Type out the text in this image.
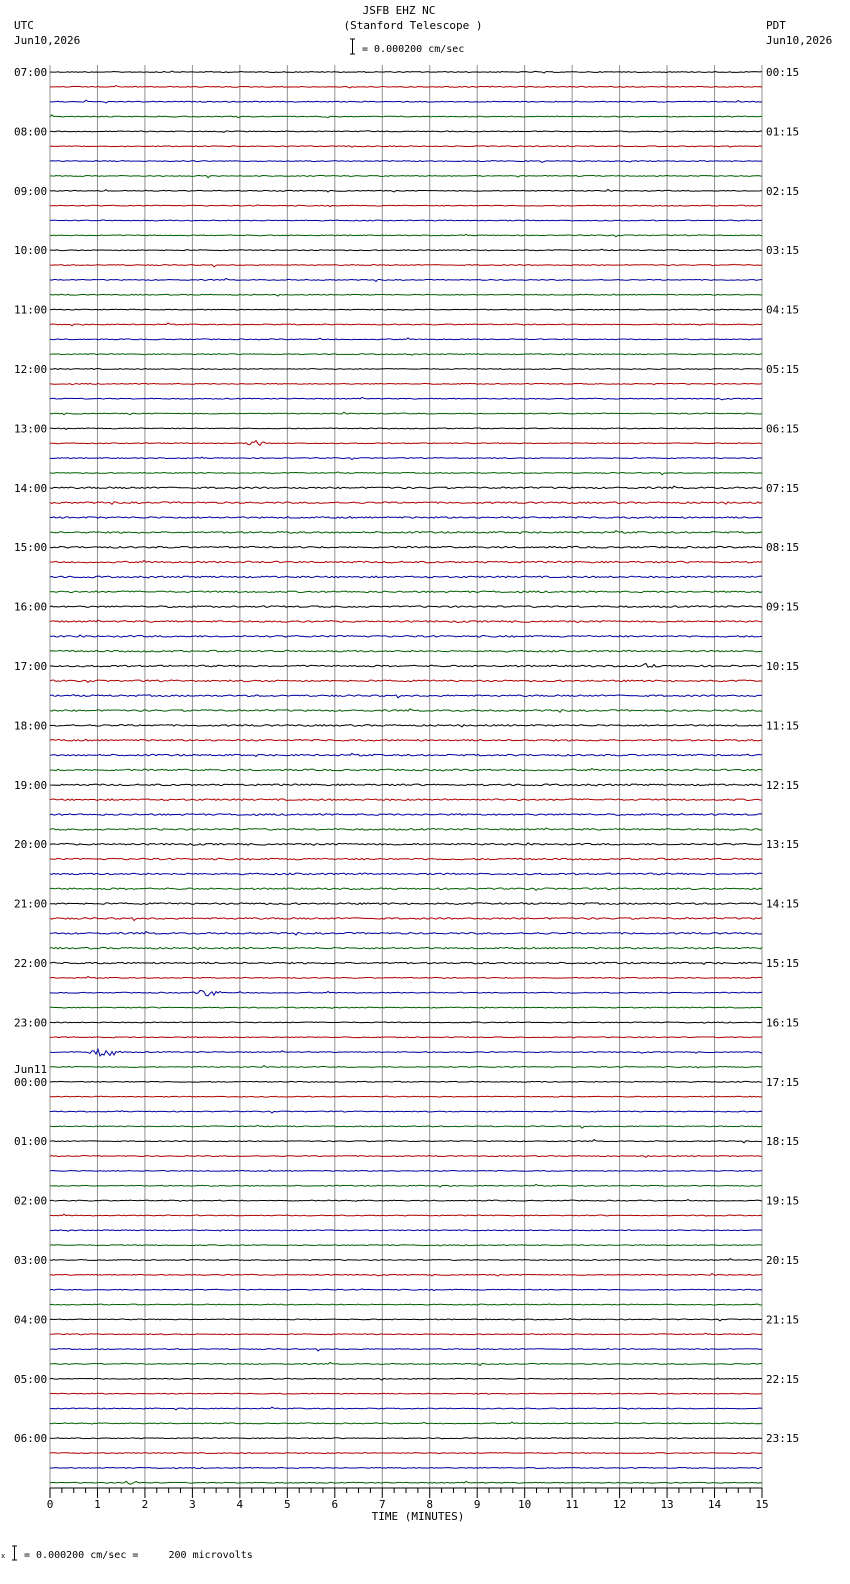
JSFB EHZ NC
(Stanford Telescope )
UTC
Jun10,2026
PDT
Jun10,2026
= 0.000200 cm/sec
07:00	00:15
08:00	01:15
09:00	02:15
10:00	03:15
11:00	04:15
12:00	05:15
13:00	06:15
14:00	07:15
15:00	08:15
16:00	09:15
17:00	10:15
18:00	11:15
19:00	12:15
20:00	13:15
21:00	14:15
22:00	15:15
23:00	16:15
00:00	17:15
01:00	18:15
02:00	19:15
03:00	20:15
04:00	21:15
05:00	22:15
06:00	23:15
Jun11
0	1	2	3	4	5	6	7	8	9	10	11	12	13	14	15
TIME (MINUTES)
x = 0.000200 cm/sec =     200 microvolts
